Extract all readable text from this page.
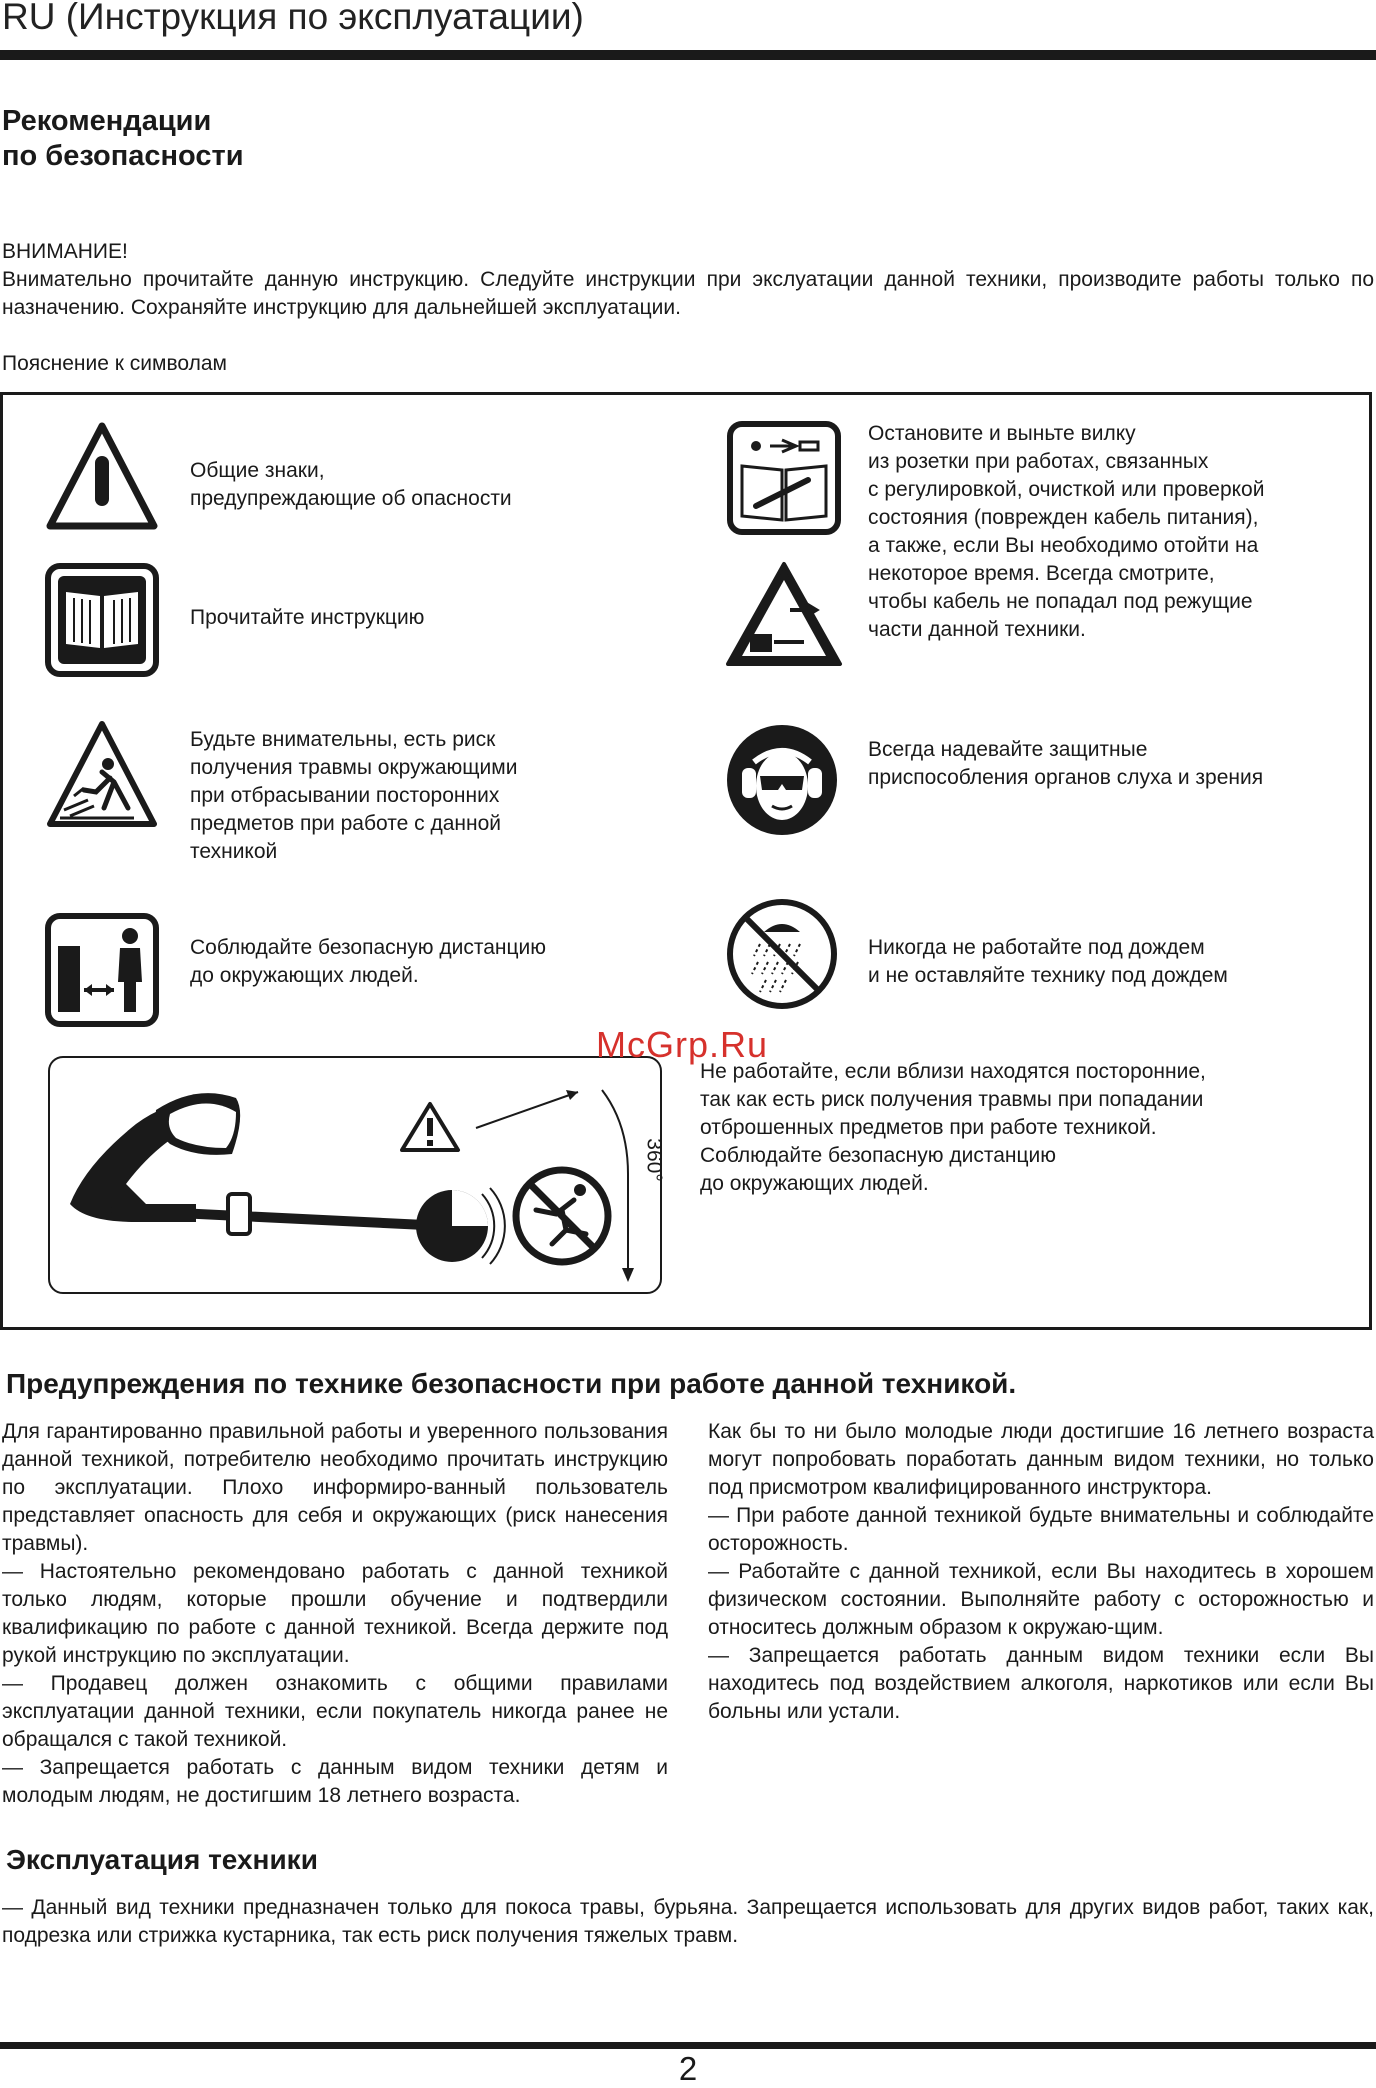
RU (Инструкция по эксплуатации)
Рекомендации
по безопасности
ВНИМАНИЕ!
Внимательно прочитайте данную инструкцию. Следуйте инструкции при экслуатации данной техники, производите работы только по назначению. Сохраняйте инструкцию для дальнейшей эксплуатации.
Пояснение к символам
Общие знаки,
предупреждающие об опасности
Прочитайте инструкцию
Будьте внимательны, есть риск
получения травмы окружающими
при отбрасывании посторонних
предметов при работе с данной
техникой
Соблюдайте безопасную дистанцию
до окружающих людей.
Остановите и выньте вилку
из розетки при работах, связанных
с регулировкой, очисткой или проверкой
состояния (поврежден кабель питания),
а также, если Вы необходимо отойти на
некоторое время. Всегда смотрите,
чтобы кабель не попадал под режущие
части данной техники.
Всегда надевайте защитные
приспособления органов слуха и зрения
Никогда не работайте под дождем
и не оставляйте технику под дождем
360°
McGrp.Ru
Не работайте, если вблизи находятся посторонние,
так как есть риск получения травмы при попадании
отброшенных предметов при работе техникой.
Соблюдайте безопасную дистанцию
до окружающих людей.
Предупреждения по технике безопасности при работе данной техникой.
Для гарантированно правильной работы и уверенного пользования данной техникой, потребителю необходимо прочитать инструкцию по эксплуатации. Плохо информиро-ванный пользователь представляет опасность для себя и окружающих (риск нанесения травмы).
— Настоятельно рекомендовано работать с данной техникой только людям, которые прошли обучение и подтвердили квалификацию по работе с данной техникой. Всегда держите под рукой инструкцию по эксплуатации.
— Продавец должен ознакомить с общими правилами эксплуатации данной техники, если покупатель никогда ранее не обращался с такой техникой.
— Запрещается работать с данным видом техники детям и молодым людям, не достигшим 18 летнего возраста.
Как бы то ни было молодые люди достигшие 16 летнего возраста могут попробовать поработать данным видом техники, но только под присмотром квалифицированного инструктора.
— При работе данной техникой будьте внимательны и соблюдайте осторожность.
— Работайте с данной техникой, если Вы находитесь в хорошем физическом состоянии. Выполняйте работу с осторожностью и относитесь должным образом к окружаю-щим.
— Запрещается работать данным видом техники если Вы находитесь под воздействием алкоголя, наркотиков или если Вы больны или устали.
Эксплуатация техники
— Данный вид техники предназначен только для покоса травы, бурьяна. Запрещается использовать для других видов работ, таких как, подрезка или стрижка кустарника, так есть риск получения тяжелых травм.
2
